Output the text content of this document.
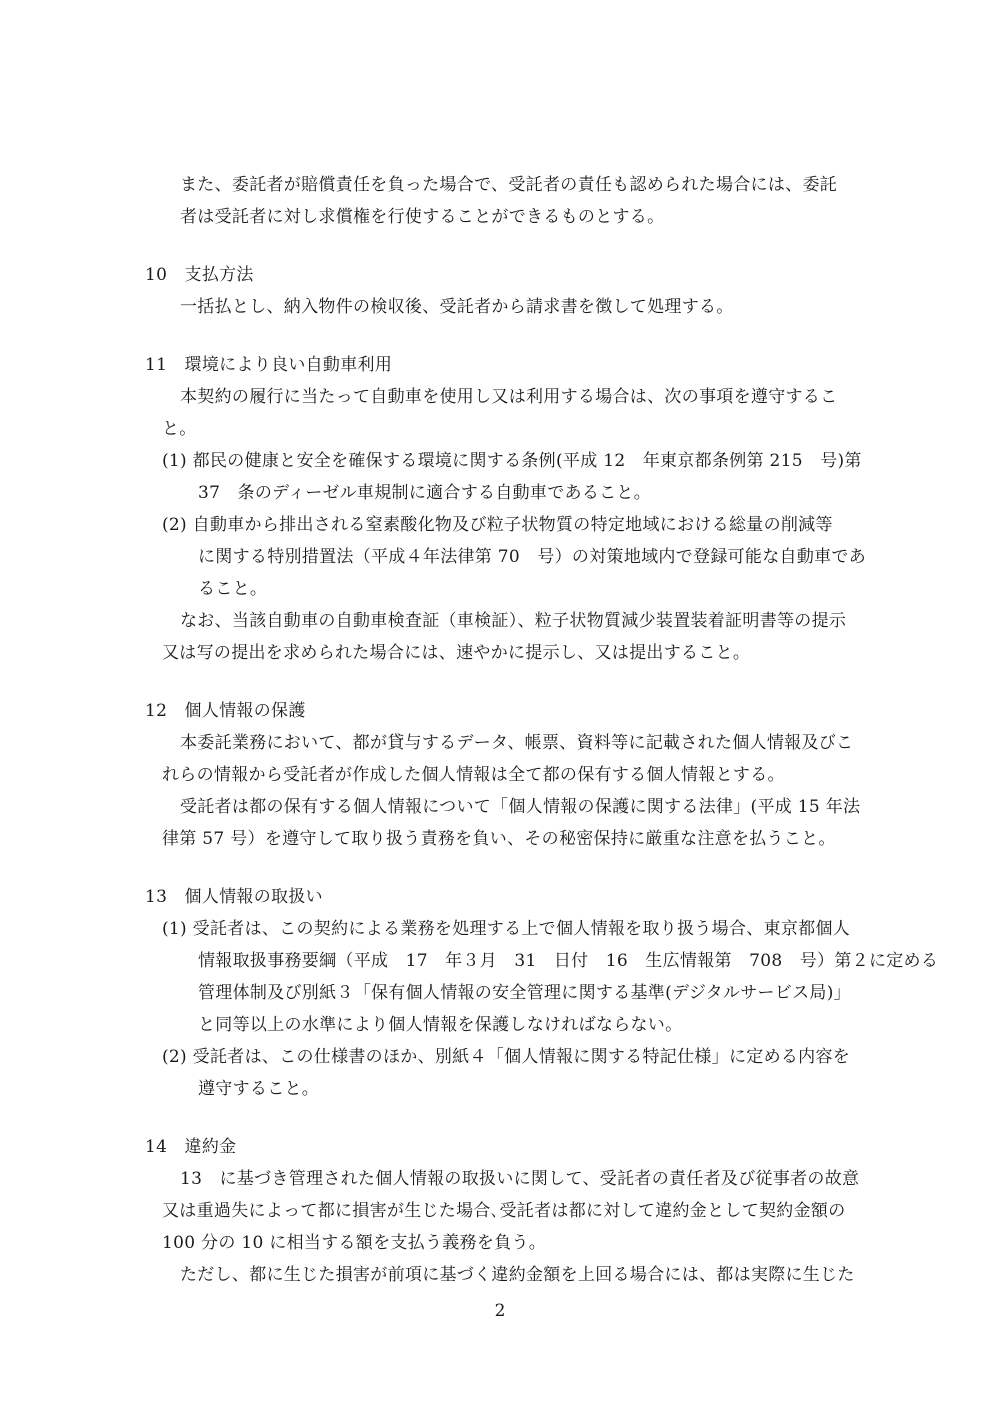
また、委託者が賠償責任を負った場合で、受託者の責任も認められた場合には、委託
者は受託者に対し求償権を行使することができるものとする。
10　支払方法
一括払とし、納入物件の検収後、受託者から請求書を徴して処理する。
11　環境により良い自動車利用
本契約の履行に当たって自動車を使用し又は利用する場合は、次の事項を遵守するこ
と。
(1) 都民の健康と安全を確保する環境に関する条例(平成 12　年東京都条例第 215　号)第
37　条のディーゼル車規制に適合する自動車であること。
(2) 自動車から排出される窒素酸化物及び粒子状物質の特定地域における総量の削減等
に関する特別措置法（平成４年法律第 70　号）の対策地域内で登録可能な自動車であ
ること。
なお、当該自動車の自動車検査証（車検証）、粒子状物質減少装置装着証明書等の提示
又は写の提出を求められた場合には、速やかに提示し、又は提出すること。
12　個人情報の保護
本委託業務において、都が貸与するデータ、帳票、資料等に記載された個人情報及びこ
れらの情報から受託者が作成した個人情報は全て都の保有する個人情報とする。
受託者は都の保有する個人情報について「個人情報の保護に関する法律」(平成 15 年法
律第 57 号）を遵守して取り扱う責務を負い、その秘密保持に厳重な注意を払うこと。
13　個人情報の取扱い
(1) 受託者は、この契約による業務を処理する上で個人情報を取り扱う場合、東京都個人
情報取扱事務要綱（平成　17　年３月　31　日付　16　生広情報第　708　号）第２に定める
管理体制及び別紙３「保有個人情報の安全管理に関する基準(デジタルサービス局)」
と同等以上の水準により個人情報を保護しなければならない。
(2) 受託者は、この仕様書のほか、別紙４「個人情報に関する特記仕様」に定める内容を
遵守すること。
14　違約金
13　に基づき管理された個人情報の取扱いに関して、受託者の責任者及び従事者の故意
又は重過失によって都に損害が生じた場合､受託者は都に対して違約金として契約金額の
100 分の 10 に相当する額を支払う義務を負う。
ただし、都に生じた損害が前項に基づく違約金額を上回る場合には、都は実際に生じた
2
